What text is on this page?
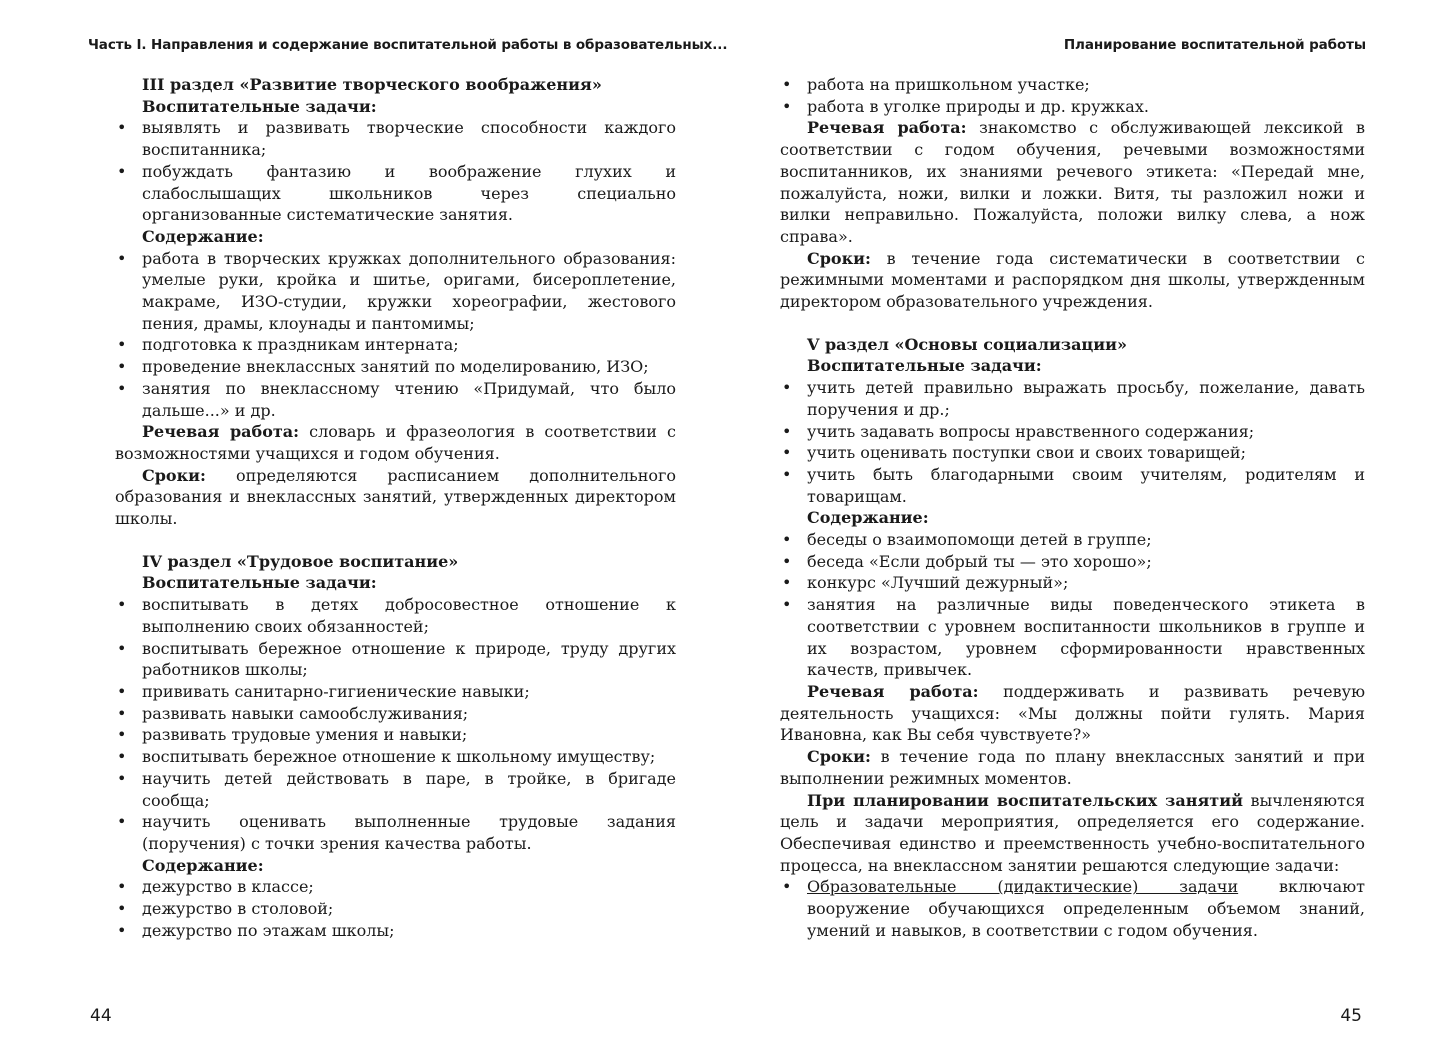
Часть I. Направления и содержание воспитательной работы в образовательных...

III раздел «Развитие творческого воображения»

Воспитательные задачи:

• выявлять и развивать творческие способности каждого воспитанника;
• побуждать фантазию и воображение глухих и слабослышащих школьников через специально организованные систематические занятия.

Содержание:

• работа в творческих кружках дополнительного образования: умелые руки, кройка и шитье, оригами, бисероплетение, макраме, ИЗО-студии, кружки хореографии, жестового пения, драмы, клоунады и пантомимы;
• подготовка к праздникам интерната;
• проведение внеклассных занятий по моделированию, ИЗО;
• занятия по внеклассному чтению «Придумай, что было дальше...» и др.

Речевая работа: словарь и фразеология в соответствии с возможностями учащихся и годом обучения.

Сроки: определяются расписанием дополнительного образования и внеклассных занятий, утвержденных директором школы.

IV раздел «Трудовое воспитание»

Воспитательные задачи:

• воспитывать в детях добросовестное отношение к выполнению своих обязанностей;
• воспитывать бережное отношение к природе, труду других работников школы;
• прививать санитарно-гигиенические навыки;
• развивать навыки самообслуживания;
• развивать трудовые умения и навыки;
• воспитывать бережное отношение к школьному имуществу;
• научить детей действовать в паре, в тройке, в бригаде сообща;
• научить оценивать выполненные трудовые задания (поручения) с точки зрения качества работы.

Содержание:

• дежурство в классе;
• дежурство в столовой;
• дежурство по этажам школы;
44
Планирование воспитательной работы
• работа на пришкольном участке;
• работа в уголке природы и др. кружках.

Речевая работа: знакомство с обслуживающей лексикой в соответствии с годом обучения, речевыми возможностями воспитанников, их знаниями речевого этикета: «Передай мне, пожалуйста, ножи, вилки и ложки. Витя, ты разложил ножи и вилки неправильно. Пожалуйста, положи вилку слева, а нож справа».

Сроки: в течение года систематически в соответствии с режимными моментами и распорядком дня школы, утвержденным директором образовательного учреждения.

V раздел «Основы социализации»

Воспитательные задачи:

• учить детей правильно выражать просьбу, пожелание, давать поручения и др.;
• учить задавать вопросы нравственного содержания;
• учить оценивать поступки свои и своих товарищей;
• учить быть благодарными своим учителям, родителям и товарищам.

Содержание:

• беседы о взаимопомощи детей в группе;
• беседа «Если добрый ты — это хорошо»;
• конкурс «Лучший дежурный»;
• занятия на различные виды поведенческого этикета в соответствии с уровнем воспитанности школьников в группе и их возрастом, уровнем сформированности нравственных качеств, привычек.

Речевая работа: поддерживать и развивать речевую деятельность учащихся: «Мы должны пойти гулять. Мария Ивановна, как Вы себя чувствуете?»

Сроки: в течение года по плану внеклассных занятий и при выполнении режимных моментов.

При планировании воспитательских занятий вычленяются цель и задачи мероприятия, определяется его содержание. Обеспечивая единство и преемственность учебно-воспитательного процесса, на внеклассном занятии решаются следующие задачи:

• Образовательные (дидактические) задачи	включают вооружение обучающихся определенным объемом знаний, умений и навыков, в соответствии с годом обучения.
45
